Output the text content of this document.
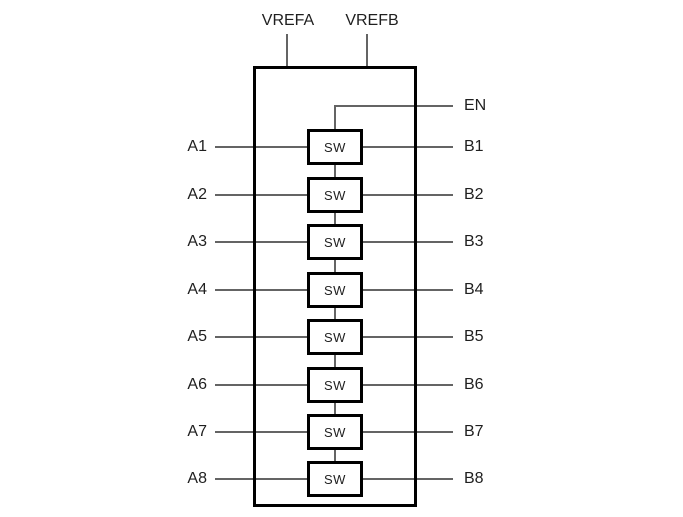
A1	SW	B1
A2	SW	B2
A3	SW	B3
A4	SW	B4
A5	SW	B5
A6	SW	B6
A7	SW	B7
A8	SW	B8
VREFA	VREFB
EN
